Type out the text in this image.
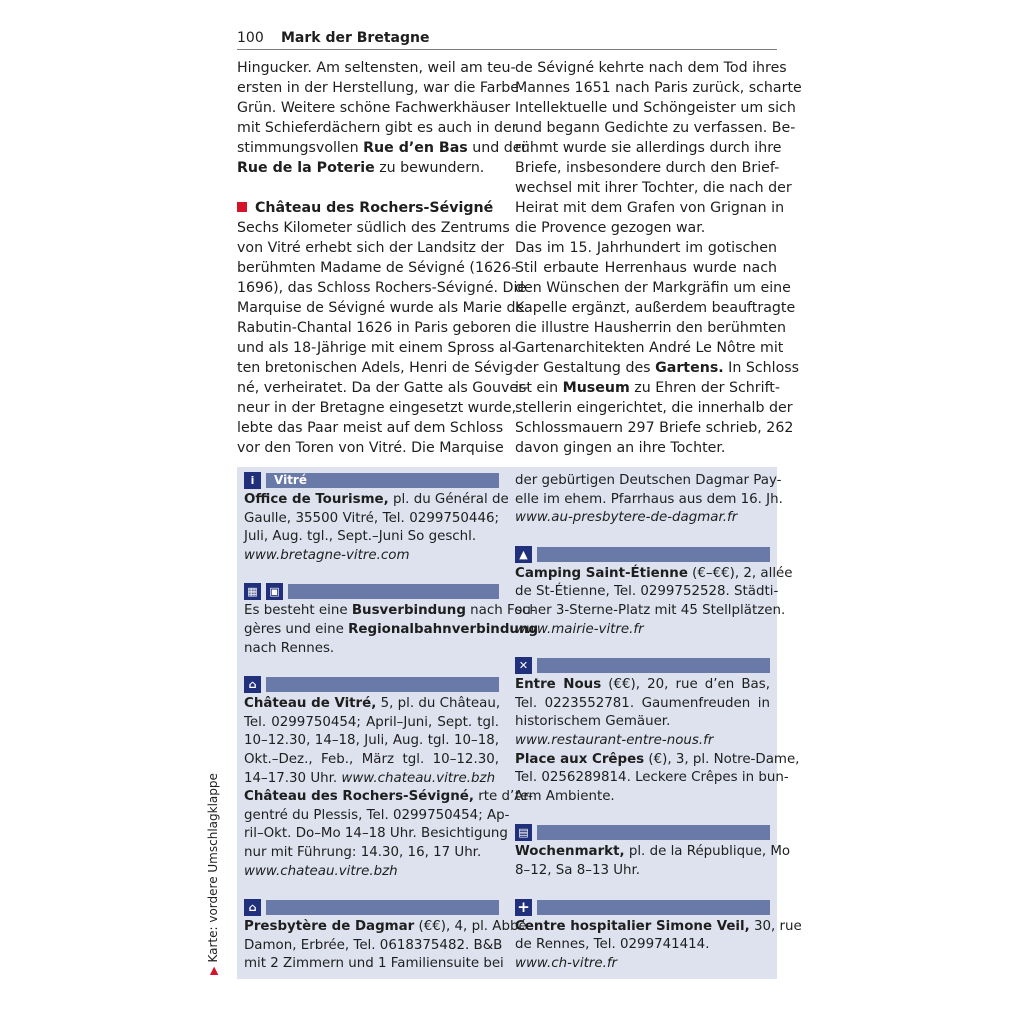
100 Mark der Bretagne
Hingucker. Am seltensten, weil am teu-
ersten in der Herstellung, war die Farbe
Grün. Weitere schöne Fachwerkhäuser
mit Schieferdächern gibt es auch in der
stimmungsvollen Rue d’en Bas und der
Rue de la Poterie zu bewundern.
Château des Rochers-Sévigné
Sechs Kilometer südlich des Zentrums
von Vitré erhebt sich der Landsitz der
berühmten Madame de Sévigné (1626–
1696), das Schloss Rochers-Sévigné. Die
Marquise de Sévigné wurde als Marie de
Rabutin-Chantal 1626 in Paris geboren
und als 18-Jährige mit einem Spross al-
ten bretonischen Adels, Henri de Sévig-
né, verheiratet. Da der Gatte als Gouver-
neur in der Bretagne eingesetzt wurde,
lebte das Paar meist auf dem Schloss
vor den Toren von Vitré. Die Marquise
de Sévigné kehrte nach dem Tod ihres
Mannes 1651 nach Paris zurück, scharte
Intellektuelle und Schöngeister um sich
und begann Gedichte zu verfassen. Be-
rühmt wurde sie allerdings durch ihre
Briefe, insbesondere durch den Brief-
wechsel mit ihrer Tochter, die nach der
Heirat mit dem Grafen von Grignan in
die Provence gezogen war.
Das im 15. Jahrhundert im gotischen
Stil erbaute Herrenhaus wurde nach
den Wünschen der Markgräfin um eine
Kapelle ergänzt, außerdem beauftragte
die illustre Hausherrin den berühmten
Gartenarchitekten André Le Nôtre mit
der Gestaltung des Gartens. In Schloss
ist ein Museum zu Ehren der Schrift-
stellerin eingerichtet, die innerhalb der
Schlossmauern 297 Briefe schrieb, 262
davon gingen an ihre Tochter.
i	Vitré
Office de Tourisme, pl. du Général de
Gaulle, 35500 Vitré, Tel. 0299750446;
Juli, Aug. tgl., Sept.–Juni So geschl.
www.bretagne-vitre.com
▦ ▣
Es besteht eine Busverbindung nach Fou-
gères und eine Regionalbahnverbindung
nach Rennes.
⌂
Château de Vitré, 5, pl. du Château,
Tel. 0299750454; April–Juni, Sept. tgl.
10–12.30, 14–18, Juli, Aug. tgl. 10–18,
Okt.–Dez., Feb., März tgl. 10–12.30,
14–17.30 Uhr. www.chateau.vitre.bzh
Château des Rochers-Sévigné, rte d’Ar-
gentré du Plessis, Tel. 0299750454; Ap-
ril–Okt. Do–Mo 14–18 Uhr. Besichtigung
nur mit Führung: 14.30, 16, 17 Uhr.
www.chateau.vitre.bzh
⌂
Presbytère de Dagmar (€€), 4, pl. Abbé
Damon, Erbrée, Tel. 0618375482. B&B
mit 2 Zimmern und 1 Familiensuite bei
der gebürtigen Deutschen Dagmar Pay-
elle im ehem. Pfarrhaus aus dem 16. Jh.
www.au-presbytere-de-dagmar.fr
▲
Camping Saint-Étienne (€–€€), 2, allée
de St-Étienne, Tel. 0299752528. Städti-
scher 3-Sterne-Platz mit 45 Stellplätzen.
www.mairie-vitre.fr
✕
Entre Nous (€€), 20, rue d’en Bas,
Tel. 0223552781. Gaumenfreuden in
historischem Gemäuer.
www.restaurant-entre-nous.fr
Place aux Crêpes (€), 3, pl. Notre-Dame,
Tel. 0256289814. Leckere Crêpes in bun-
tem Ambiente.
▤
Wochenmarkt, pl. de la République, Mo
8–12, Sa 8–13 Uhr.
+
Centre hospitalier Simone Veil, 30, rue
de Rennes, Tel. 0299741414.
www.ch-vitre.fr
▶Karte: vordere Umschlagklappe
